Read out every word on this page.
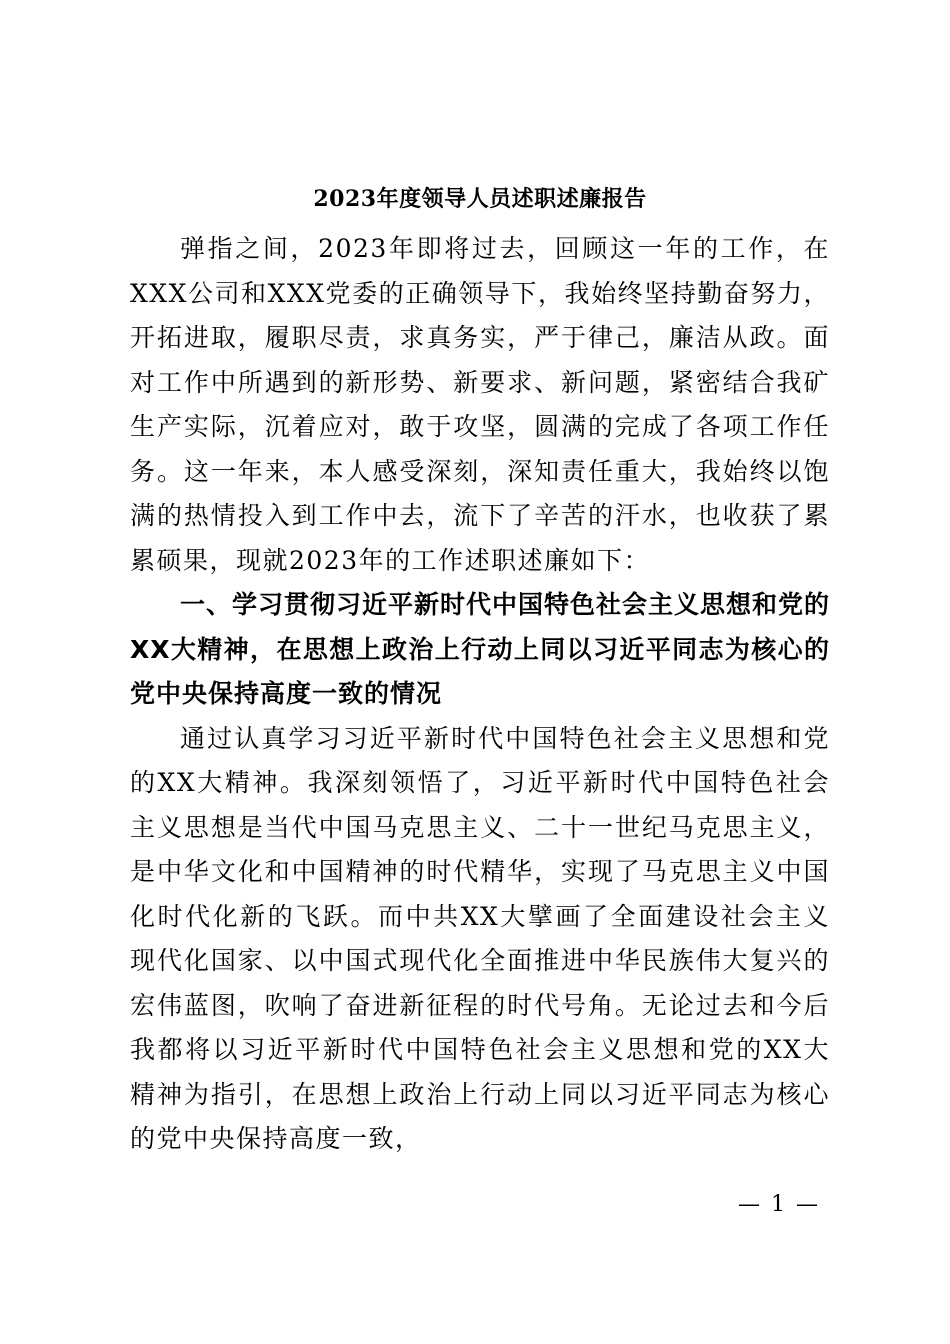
2023年度领导人员述职述廉报告

弹指之间，2023年即将过去，回顾这一年的工作，在XXX公司和XXX党委的正确领导下，我始终坚持勤奋努力，开拓进取，履职尽责，求真务实，严于律己，廉洁从政。面对工作中所遇到的新形势、新要求、新问题，紧密结合我矿生产实际，沉着应对，敢于攻坚，圆满的完成了各项工作任务。这一年来，本人感受深刻，深知责任重大，我始终以饱满的热情投入到工作中去，流下了辛苦的汗水，也收获了累累硕果，现就2023年的工作述职述廉如下：

一、学习贯彻习近平新时代中国特色社会主义思想和党的XX大精神，在思想上政治上行动上同以习近平同志为核心的党中央保持高度一致的情况

通过认真学习习近平新时代中国特色社会主义思想和党的XX大精神。我深刻领悟了，习近平新时代中国特色社会主义思想是当代中国马克思主义、二十一世纪马克思主义，是中华文化和中国精神的时代精华，实现了马克思主义中国化时代化新的飞跃。而中共XX大擘画了全面建设社会主义现代化国家、以中国式现代化全面推进中华民族伟大复兴的宏伟蓝图，吹响了奋进新征程的时代号角。无论过去和今后我都将以习近平新时代中国特色社会主义思想和党的XX大精神为指引，在思想上政治上行动上同以习近平同志为核心的党中央保持高度一致，

— 1 —
